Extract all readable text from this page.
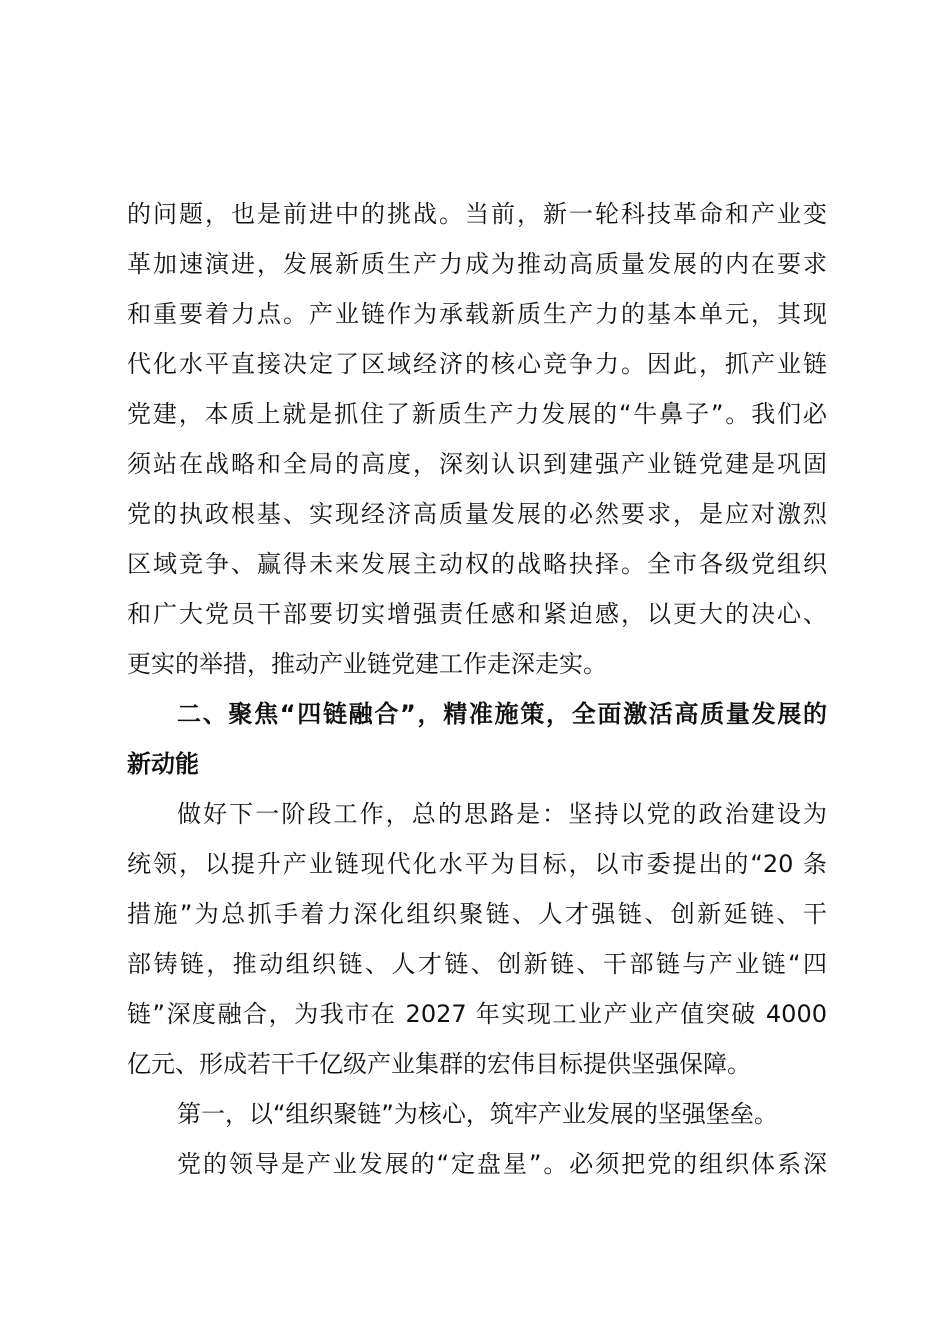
的问题，也是前进中的挑战。当前，新一轮科技革命和产业变

革加速演进，发展新质生产力成为推动高质量发展的内在要求

和重要着力点。产业链作为承载新质生产力的基本单元，其现

代化水平直接决定了区域经济的核心竞争力。因此，抓产业链

党建，本质上就是抓住了新质生产力发展的“牛鼻子”。我们必

须站在战略和全局的高度，深刻认识到建强产业链党建是巩固

党的执政根基、实现经济高质量发展的必然要求，是应对激烈

区域竞争、赢得未来发展主动权的战略抉择。全市各级党组织

和广大党员干部要切实增强责任感和紧迫感，以更大的决心、

更实的举措，推动产业链党建工作走深走实。

二、聚焦“四链融合”，精准施策，全面激活高质量发展的

新动能

做好下一阶段工作，总的思路是：坚持以党的政治建设为

统领，以提升产业链现代化水平为目标，以市委提出的“20 条

措施”为总抓手着力深化组织聚链、人才强链、创新延链、干

部铸链，推动组织链、人才链、创新链、干部链与产业链“四

链”深度融合，为我市在 2027 年实现工业产业产值突破 4000

亿元、形成若干千亿级产业集群的宏伟目标提供坚强保障。

第一，以“组织聚链”为核心，筑牢产业发展的坚强堡垒。

党的领导是产业发展的“定盘星”。必须把党的组织体系深
